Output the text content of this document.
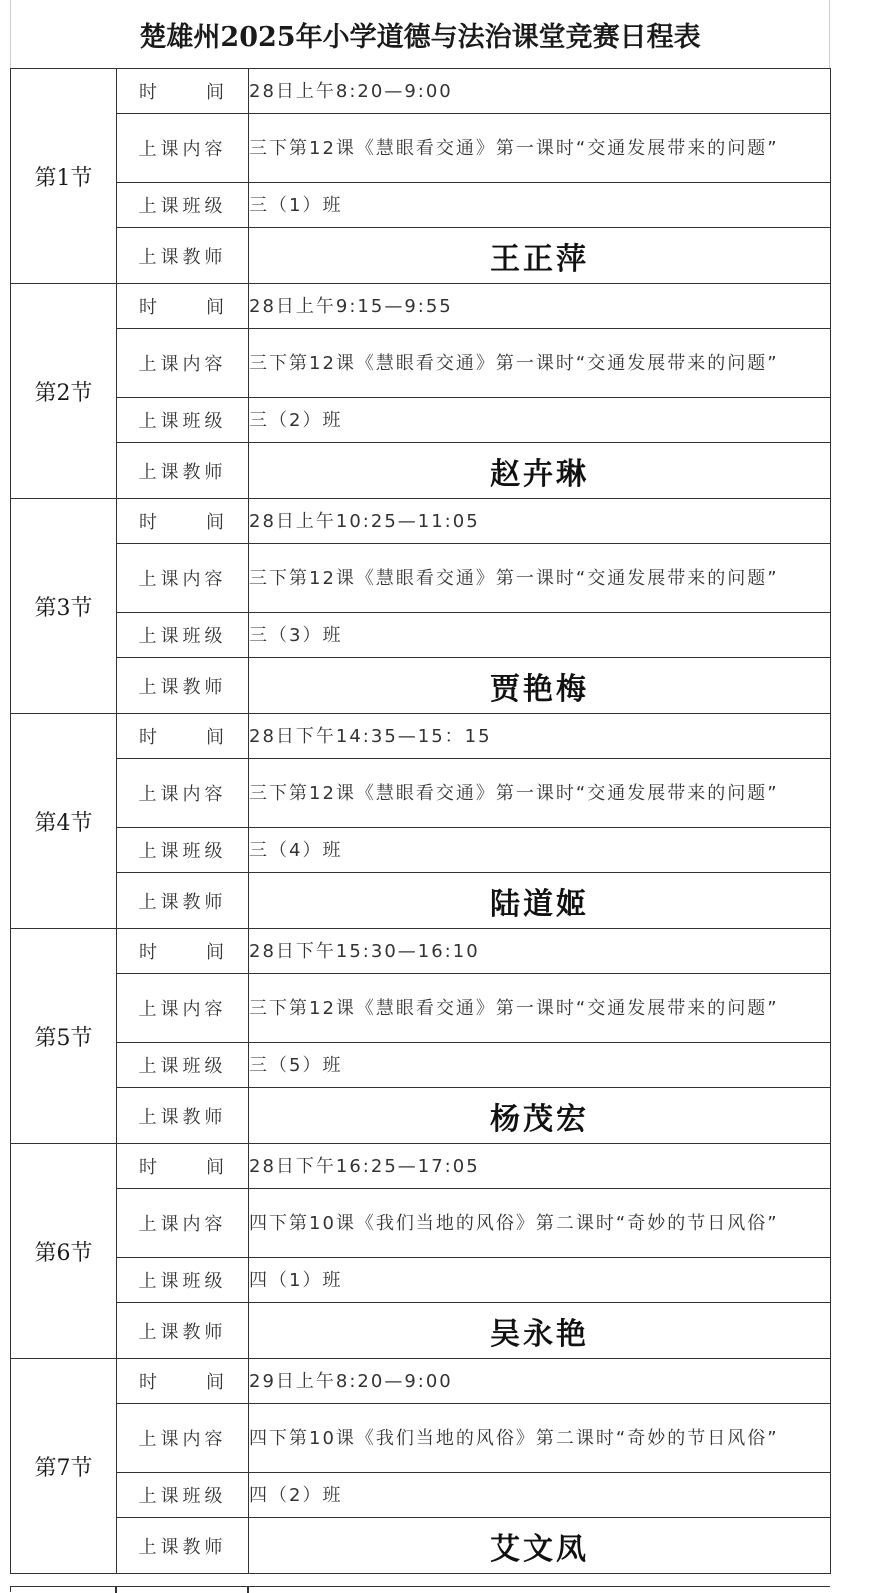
楚雄州2025年小学道德与法治课堂竞赛日程表
第1节	时间	28日上午8:20—9:00
	上课内容	三下第12课《慧眼看交通》第一课时“交通发展带来的问题”
	上课班级	三（1）班
	上课教师	王正萍
第2节	时间	28日上午9:15—9:55
	上课内容	三下第12课《慧眼看交通》第一课时“交通发展带来的问题”
	上课班级	三（2）班
	上课教师	赵卉琳
第3节	时间	28日上午10:25—11:05
	上课内容	三下第12课《慧眼看交通》第一课时“交通发展带来的问题”
	上课班级	三（3）班
	上课教师	贾艳梅
第4节	时间	28日下午14:35—15：15
	上课内容	三下第12课《慧眼看交通》第一课时“交通发展带来的问题”
	上课班级	三（4）班
	上课教师	陆道姬
第5节	时间	28日下午15:30—16:10
	上课内容	三下第12课《慧眼看交通》第一课时“交通发展带来的问题”
	上课班级	三（5）班
	上课教师	杨茂宏
第6节	时间	28日下午16:25—17:05
	上课内容	四下第10课《我们当地的风俗》第二课时“奇妙的节日风俗”
	上课班级	四（1）班
	上课教师	吴永艳
第7节	时间	29日上午8:20—9:00
	上课内容	四下第10课《我们当地的风俗》第二课时“奇妙的节日风俗”
	上课班级	四（2）班
	上课教师	艾文凤
